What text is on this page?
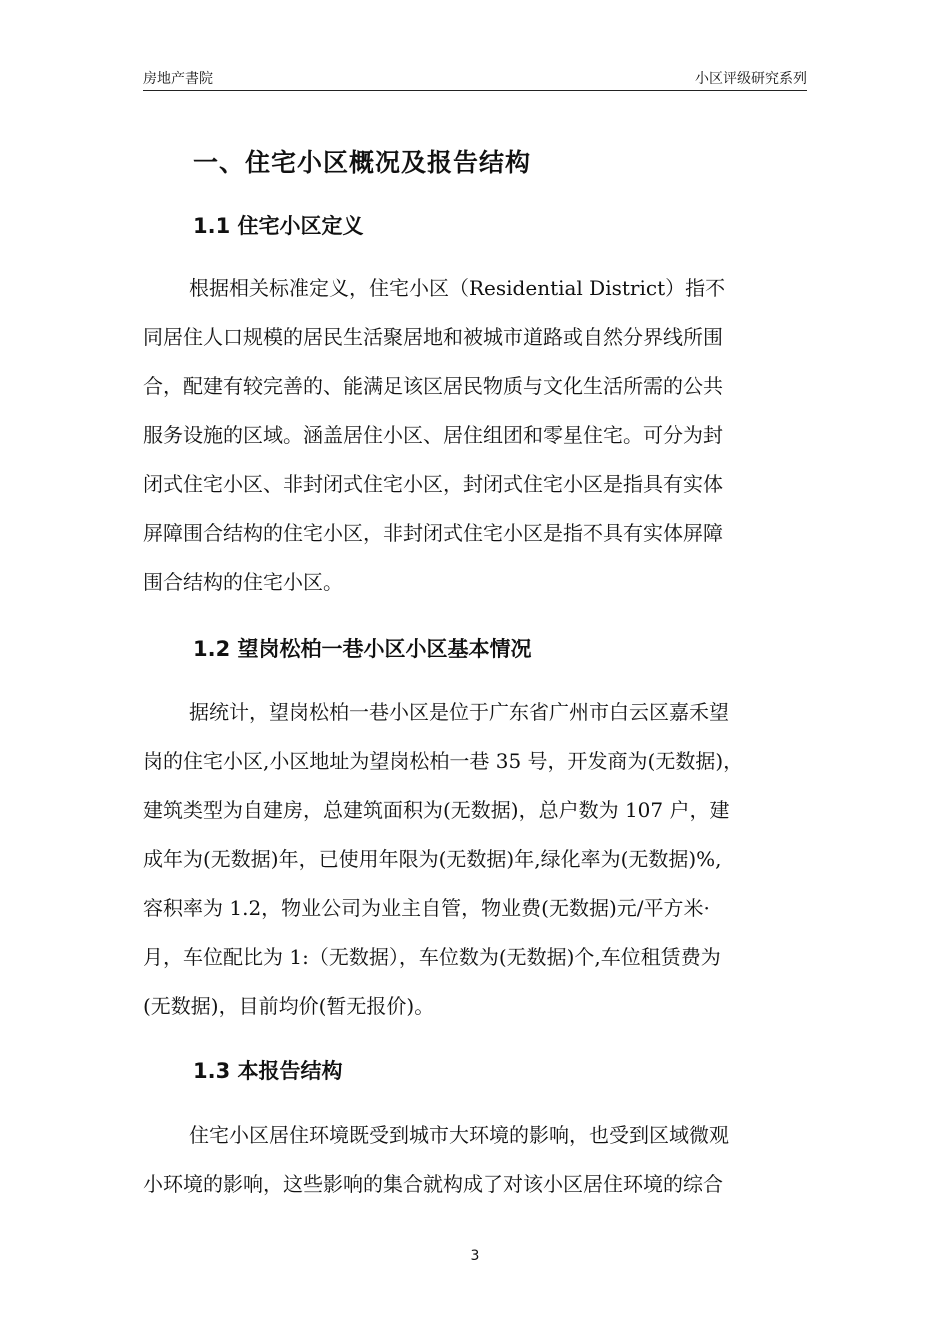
房地产書院	小区评级研究系列
一、住宅小区概况及报告结构
1.1 住宅小区定义
根据相关标准定义，住宅小区（Residential District）指不
同居住人口规模的居民生活聚居地和被城市道路或自然分界线所围
合，配建有较完善的、能满足该区居民物质与文化生活所需的公共
服务设施的区域。涵盖居住小区、居住组团和零星住宅。可分为封
闭式住宅小区、非封闭式住宅小区，封闭式住宅小区是指具有实体
屏障围合结构的住宅小区，非封闭式住宅小区是指不具有实体屏障
围合结构的住宅小区。
1.2 望岗松柏一巷小区小区基本情况
据统计，望岗松柏一巷小区是位于广东省广州市白云区嘉禾望
岗的住宅小区,小区地址为望岗松柏一巷 35 号，开发商为(无数据)，
建筑类型为自建房，总建筑面积为(无数据)，总户数为 107 户，建
成年为(无数据)年，已使用年限为(无数据)年,绿化率为(无数据)%,
容积率为 1.2，物业公司为业主自管，物业费(无数据)元/平方米·
月，车位配比为 1:（无数据），车位数为(无数据)个,车位租赁费为
(无数据)，目前均价(暂无报价)。
1.3 本报告结构
住宅小区居住环境既受到城市大环境的影响，也受到区域微观
小环境的影响，这些影响的集合就构成了对该小区居住环境的综合
3
